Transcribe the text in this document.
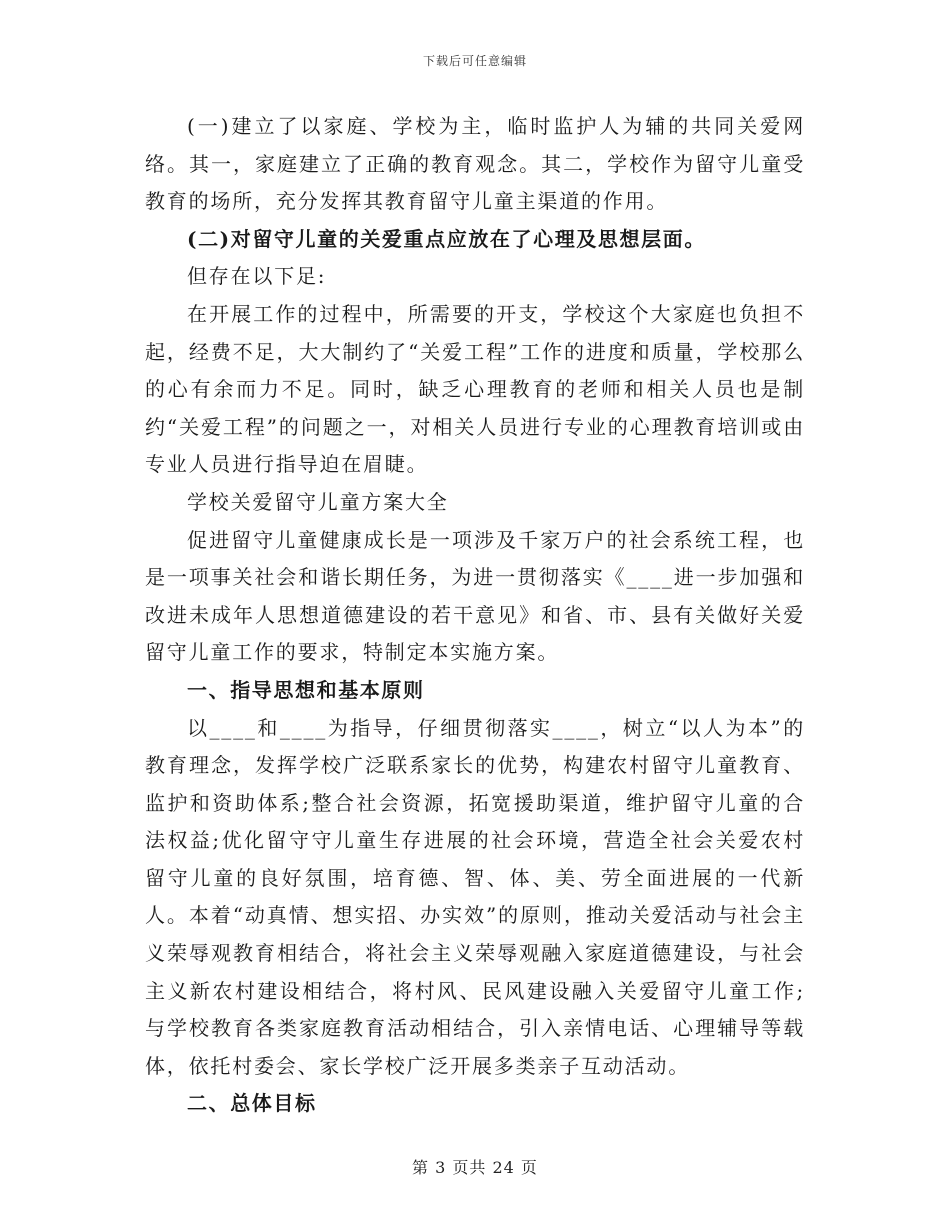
下载后可任意编辑

(一)建立了以家庭、学校为主，临时监护人为辅的共同关爱网络。其一，家庭建立了正确的教育观念。其二，学校作为留守儿童受教育的场所，充分发挥其教育留守儿童主渠道的作用。

(二)对留守儿童的关爱重点应放在了心理及思想层面。

但存在以下足:

在开展工作的过程中，所需要的开支，学校这个大家庭也负担不起，经费不足，大大制约了“关爱工程”工作的进度和质量，学校那么的心有余而力不足。同时，缺乏心理教育的老师和相关人员也是制约“关爱工程”的问题之一，对相关人员进行专业的心理教育培训或由专业人员进行指导迫在眉睫。

学校关爱留守儿童方案大全

促进留守儿童健康成长是一项涉及千家万户的社会系统工程，也是一项事关社会和谐长期任务，为进一贯彻落实《____进一步加强和改进未成年人思想道德建设的若干意见》和省、市、县有关做好关爱留守儿童工作的要求，特制定本实施方案。

一、指导思想和基本原则

以____和____为指导，仔细贯彻落实____，树立“以人为本”的教育理念，发挥学校广泛联系家长的优势，构建农村留守儿童教育、监护和资助体系;整合社会资源，拓宽援助渠道，维护留守儿童的合法权益;优化留守守儿童生存进展的社会环境，营造全社会关爱农村留守儿童的良好氛围，培育德、智、体、美、劳全面进展的一代新人。本着“动真情、想实招、办实效”的原则，推动关爱活动与社会主义荣辱观教育相结合，将社会主义荣辱观融入家庭道德建设，与社会主义新农村建设相结合，将村风、民风建设融入关爱留守儿童工作;与学校教育各类家庭教育活动相结合，引入亲情电话、心理辅导等载体，依托村委会、家长学校广泛开展多类亲子互动活动。

二、总体目标

第 3 页共 24 页
